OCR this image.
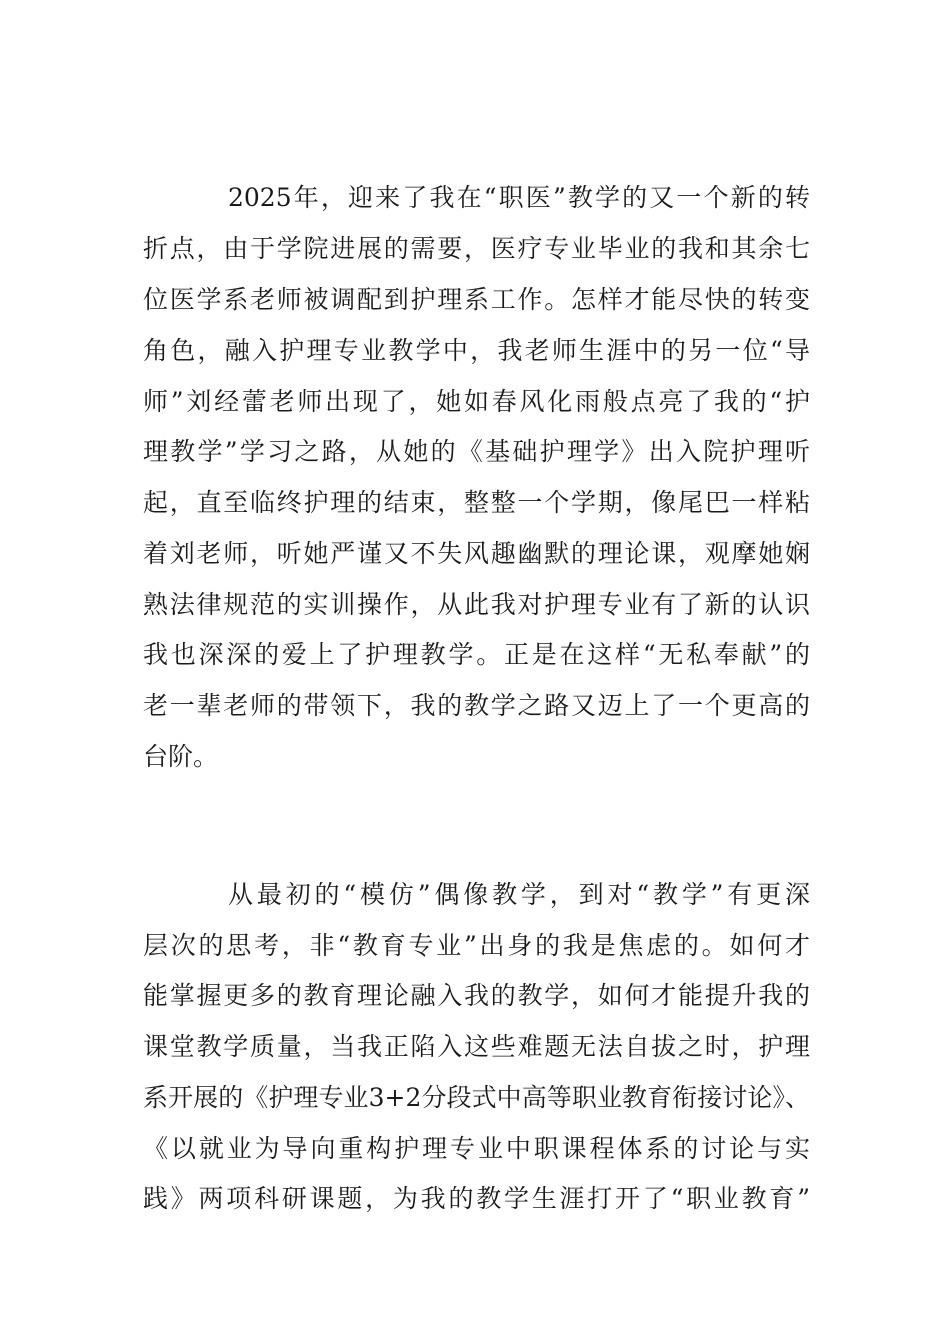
2025年，迎来了我在“职医”教学的又一个新的转
折点，由于学院进展的需要，医疗专业毕业的我和其余七
位医学系老师被调配到护理系工作。怎样才能尽快的转变
角色，融入护理专业教学中，我老师生涯中的另一位“导
师”刘经蕾老师出现了，她如春风化雨般点亮了我的“护
理教学”学习之路，从她的《基础护理学》出入院护理听
起，直至临终护理的结束，整整一个学期，像尾巴一样粘
着刘老师，听她严谨又不失风趣幽默的理论课，观摩她娴
熟法律规范的实训操作，从此我对护理专业有了新的认识
我也深深的爱上了护理教学。正是在这样“无私奉献”的
老一辈老师的带领下，我的教学之路又迈上了一个更高的
台阶。
从最初的“模仿”偶像教学，到对“教学”有更深
层次的思考，非“教育专业”出身的我是焦虑的。如何才
能掌握更多的教育理论融入我的教学，如何才能提升我的
课堂教学质量，当我正陷入这些难题无法自拔之时，护理
系开展的《护理专业3+2分段式中高等职业教育衔接讨论》、
《以就业为导向重构护理专业中职课程体系的讨论与实
践》两项科研课题，为我的教学生涯打开了“职业教育”
